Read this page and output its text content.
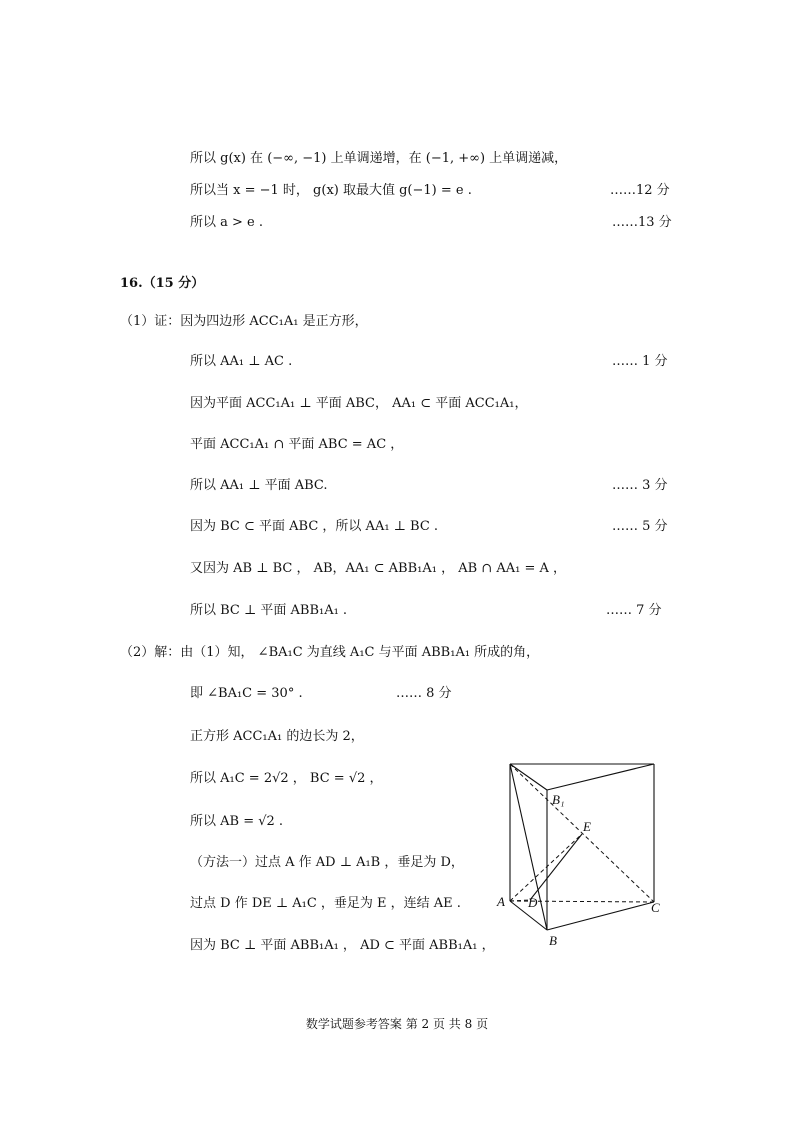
所以 g(x) 在 (−∞, −1) 上单调递增，在 (−1, +∞) 上单调递减，
所以当 x = −1 时， g(x) 取最大值 g(−1) = e .	……12 分
所以 a > e .	……13 分
16.（15 分）
（1）证：因为四边形 ACC₁A₁ 是正方形，
所以 AA₁ ⊥ AC .	…… 1 分
因为平面 ACC₁A₁ ⊥ 平面 ABC， AA₁ ⊂ 平面 ACC₁A₁，
平面 ACC₁A₁ ∩ 平面 ABC = AC ，
所以 AA₁ ⊥ 平面 ABC.	…… 3 分
因为 BC ⊂ 平面 ABC ，所以 AA₁ ⊥ BC .	…… 5 分
又因为 AB ⊥ BC ， AB，AA₁ ⊂ ABB₁A₁ ， AB ∩ AA₁ = A ，
所以 BC ⊥ 平面 ABB₁A₁ .	…… 7 分
（2）解：由（1）知， ∠BA₁C 为直线 A₁C 与平面 ABB₁A₁ 所成的角，
即 ∠BA₁C = 30° .	…… 8 分
正方形 ACC₁A₁ 的边长为 2，
所以 A₁C = 2√2 ， BC = √2 ，
所以 AB = √2 .
（方法一）过点 A 作 AD ⊥ A₁B ，垂足为 D，
过点 D 作 DE ⊥ A₁C ，垂足为 E ，连结 AE .
因为 BC ⊥ 平面 ABB₁A₁ ， AD ⊂ 平面 ABB₁A₁ ，
B₁
E
A D	C
B
数学试题参考答案 第 2 页 共 8 页
